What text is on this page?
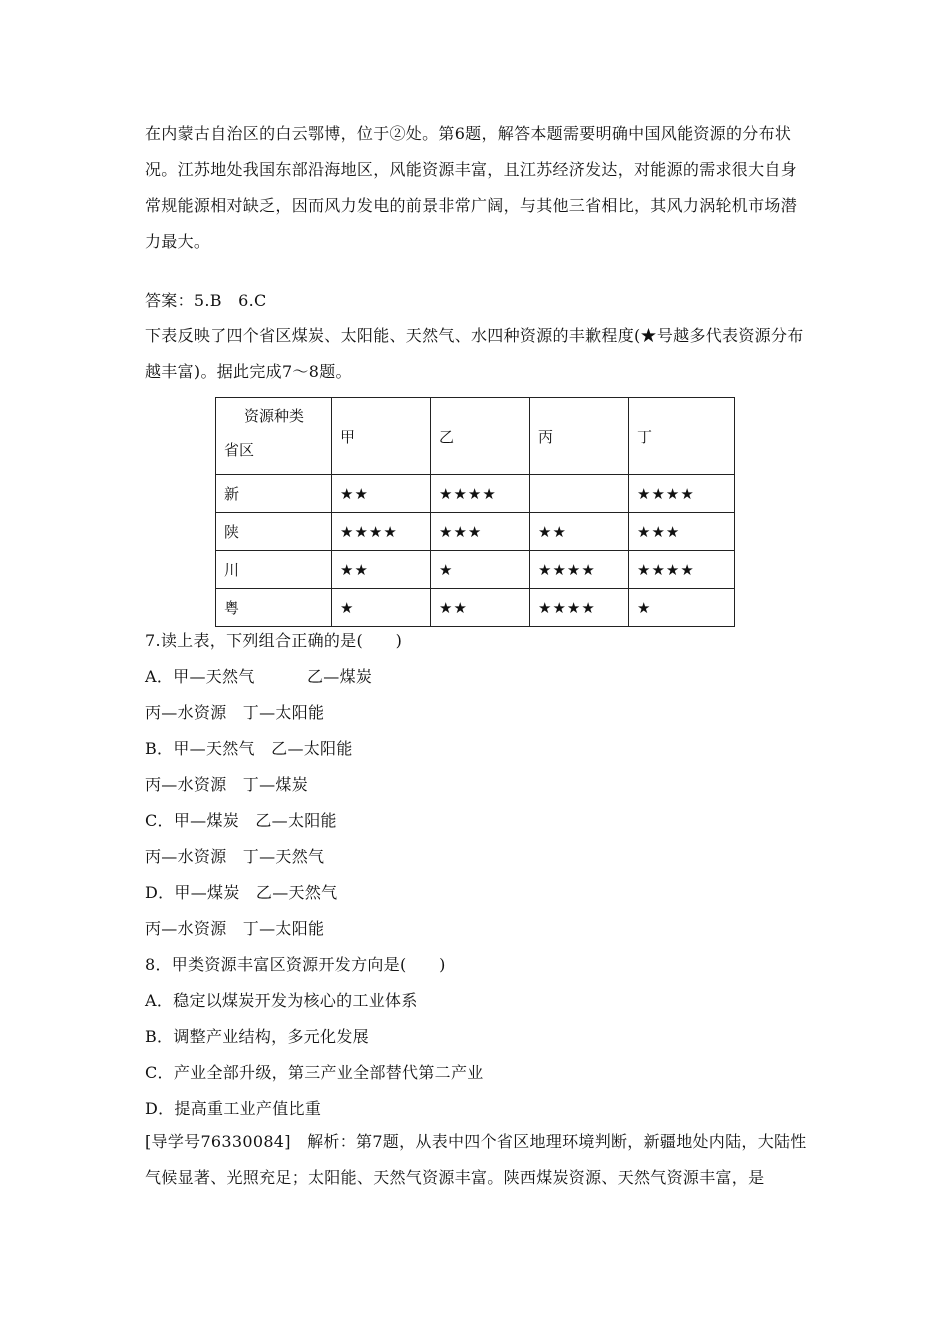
在内蒙古自治区的白云鄂博，位于②处。第6题，解答本题需要明确中国风能资源的分布状况。江苏地处我国东部沿海地区，风能资源丰富，且江苏经济发达，对能源的需求很大自身常规能源相对缺乏，因而风力发电的前景非常广阔，与其他三省相比，其风力涡轮机市场潜力最大。
答案：5.B　6.C
下表反映了四个省区煤炭、太阳能、天然气、水四种资源的丰歉程度(★号越多代表资源分布越丰富)。据此完成7～8题。
资源种类
省区	甲	乙	丙	丁	
新	★★	★★★★		★★★★	
陕	★★★★	★★★	★★	★★★	
川	★★	★	★★★★	★★★★	
粤	★	★★	★★★★	★	
7.读上表，下列组合正确的是(　　)
A．甲—天然气	乙—煤炭
丙—水资源　丁—太阳能
B．甲—天然气　乙—太阳能
丙—水资源　丁—煤炭
C．甲—煤炭　乙—太阳能
丙—水资源　丁—天然气
D．甲—煤炭　乙—天然气
丙—水资源　丁—太阳能
8．甲类资源丰富区资源开发方向是(　　)
A．稳定以煤炭开发为核心的工业体系
B．调整产业结构，多元化发展
C．产业全部升级，第三产业全部替代第二产业
D．提高重工业产值比重
[导学号76330084]　解析：第7题，从表中四个省区地理环境判断，新疆地处内陆，大陆性气候显著、光照充足；太阳能、天然气资源丰富。陕西煤炭资源、天然气资源丰富，是
